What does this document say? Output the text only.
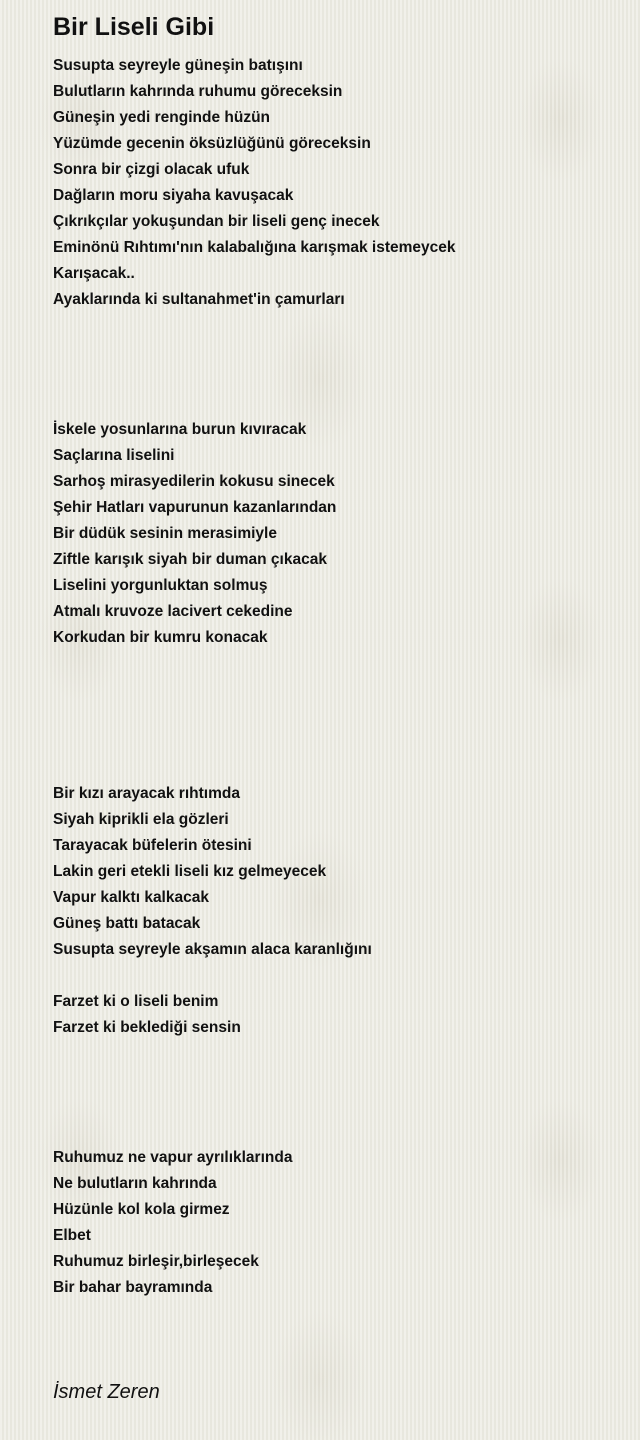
Bir Liseli Gibi
Susupta seyreyle güneşin batışını
Bulutların kahrında ruhumu göreceksin
Güneşin yedi renginde hüzün
Yüzümde gecenin öksüzlüğünü göreceksin
Sonra bir çizgi olacak ufuk
Dağların moru siyaha kavuşacak
Çıkrıkçılar yokuşundan bir liseli genç inecek
Eminönü Rıhtımı'nın kalabalığına karışmak istemeycek
Karışacak..
Ayaklarında ki sultanahmet'in çamurları
İskele yosunlarına burun kıvıracak
Saçlarına liselini
Sarhoş mirasyedilerin kokusu sinecek
Şehir Hatları vapurunun kazanlarından
Bir düdük sesinin merasimiyle
Ziftle karışık siyah bir duman çıkacak
Liselini yorgunluktan solmuş
Atmalı kruvoze lacivert cekedine
Korkudan bir kumru konacak
Bir kızı arayacak rıhtımda
Siyah kiprikli ela gözleri
Tarayacak büfelerin ötesini
Lakin geri etekli liseli kız gelmeyecek
Vapur kalktı kalkacak
Güneş battı batacak
Susupta seyreyle akşamın alaca karanlığını
Farzet ki o liseli benim
Farzet ki beklediği sensin
Ruhumuz ne vapur ayrılıklarında
Ne bulutların kahrında
Hüzünle kol kola girmez
Elbet
Ruhumuz birleşir,birleşecek
Bir bahar bayramında
İsmet Zeren
